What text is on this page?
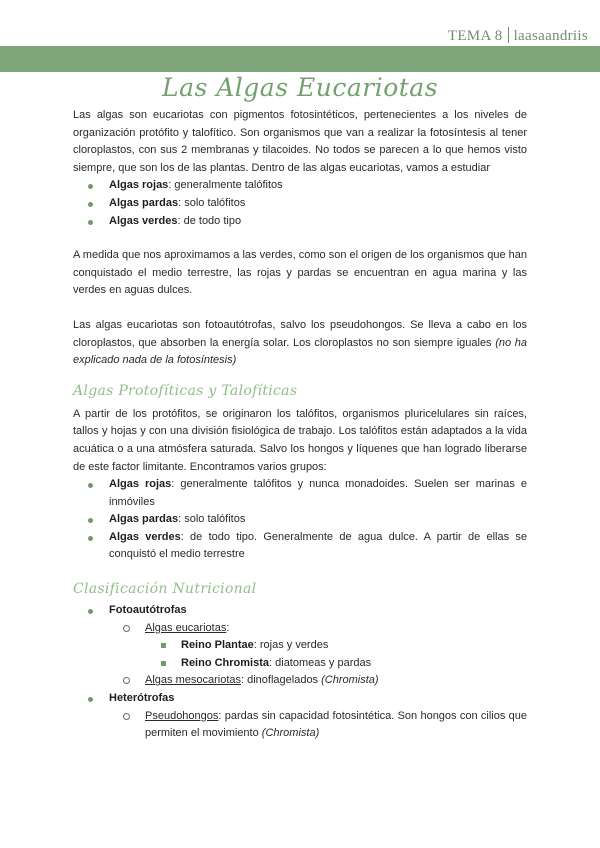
TEMA 8 laasaandriis
Las Algas Eucariotas

Las algas son eucariotas con pigmentos fotosintéticos, pertenecientes a los niveles de organización protófito y talofítico. Son organismos que van a realizar la fotosíntesis al tener cloroplastos, con sus 2 membranas y tilacoides. No todos se parecen a lo que hemos visto siempre, que son los de las plantas. Dentro de las algas eucariotas, vamos a estudiar

Algas rojas: generalmente talófitos
Algas pardas: solo talófitos
Algas verdes: de todo tipo

A medida que nos aproximamos a las verdes, como son el origen de los organismos que han conquistado el medio terrestre, las rojas y pardas se encuentran en agua marina y las verdes en aguas dulces.

Las algas eucariotas son fotoautótrofas, salvo los pseudohongos. Se lleva a cabo en los cloroplastos, que absorben la energía solar. Los cloroplastos no son siempre iguales (no ha explicado nada de la fotosíntesis)

Algas Protofíticas y Talofíticas

A partir de los protófitos, se originaron los talófitos, organismos pluricelulares sin raíces, tallos y hojas y con una división fisiológica de trabajo. Los talófitos están adaptados a la vida acuática o a una atmósfera saturada. Salvo los hongos y líquenes que han logrado liberarse de este factor limitante. Encontramos varios grupos:

Algas rojas: generalmente talófitos y nunca monadoides. Suelen ser marinas e inmóviles
Algas pardas: solo talófitos
Algas verdes: de todo tipo. Generalmente de agua dulce. A partir de ellas se conquistó el medio terrestre
Clasificación Nutricional
Fotoautótrofas
Algas eucariotas:
Reino Plantae: rojas y verdes
Reino Chromista: diatomeas y pardas
Algas mesocariotas: dinoflagelados (Chromista)
Heterótrofas
Pseudohongos: pardas sin capacidad fotosintética. Son hongos con cilios que permiten el movimiento (Chromista)
